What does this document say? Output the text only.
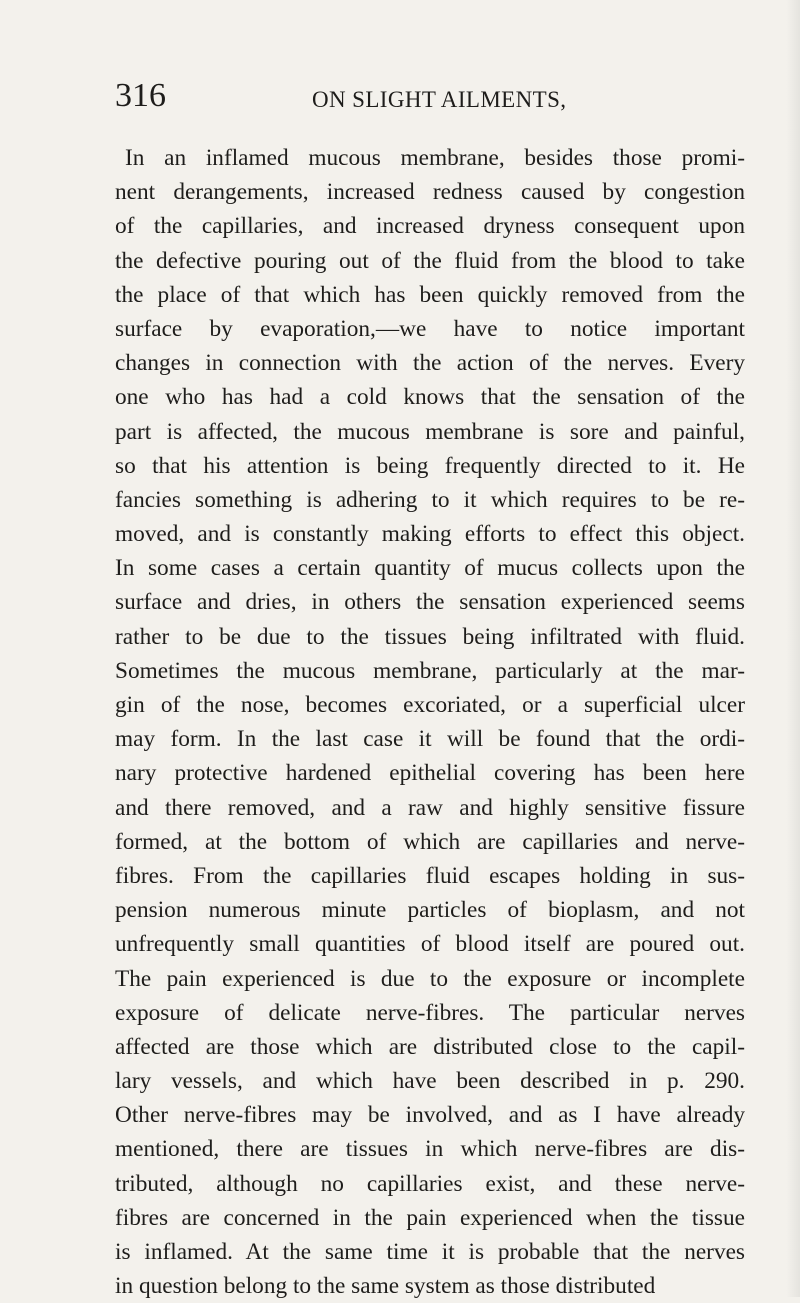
316	ON SLIGHT AILMENTS,
In an inflamed mucous membrane, besides those promi-
nent derangements, increased redness caused by congestion
of the capillaries, and increased dryness consequent upon
the defective pouring out of the fluid from the blood to take
the place of that which has been quickly removed from the
surface by evaporation,—we have to notice important
changes in connection with the action of the nerves. Every
one who has had a cold knows that the sensation of the
part is affected, the mucous membrane is sore and painful,
so that his attention is being frequently directed to it. He
fancies something is adhering to it which requires to be re-
moved, and is constantly making efforts to effect this object.
In some cases a certain quantity of mucus collects upon the
surface and dries, in others the sensation experienced seems
rather to be due to the tissues being infiltrated with fluid.
Sometimes the mucous membrane, particularly at the mar-
gin of the nose, becomes excoriated, or a superficial ulcer
may form. In the last case it will be found that the ordi-
nary protective hardened epithelial covering has been here
and there removed, and a raw and highly sensitive fissure
formed, at the bottom of which are capillaries and nerve-
fibres. From the capillaries fluid escapes holding in sus-
pension numerous minute particles of bioplasm, and not
unfrequently small quantities of blood itself are poured out.
The pain experienced is due to the exposure or incomplete
exposure of delicate nerve-fibres. The particular nerves
affected are those which are distributed close to the capil-
lary vessels, and which have been described in p. 290.
Other nerve-fibres may be involved, and as I have already
mentioned, there are tissues in which nerve-fibres are dis-
tributed, although no capillaries exist, and these nerve-
fibres are concerned in the pain experienced when the tissue
is inflamed. At the same time it is probable that the nerves
in question belong to the same system as those distributed
